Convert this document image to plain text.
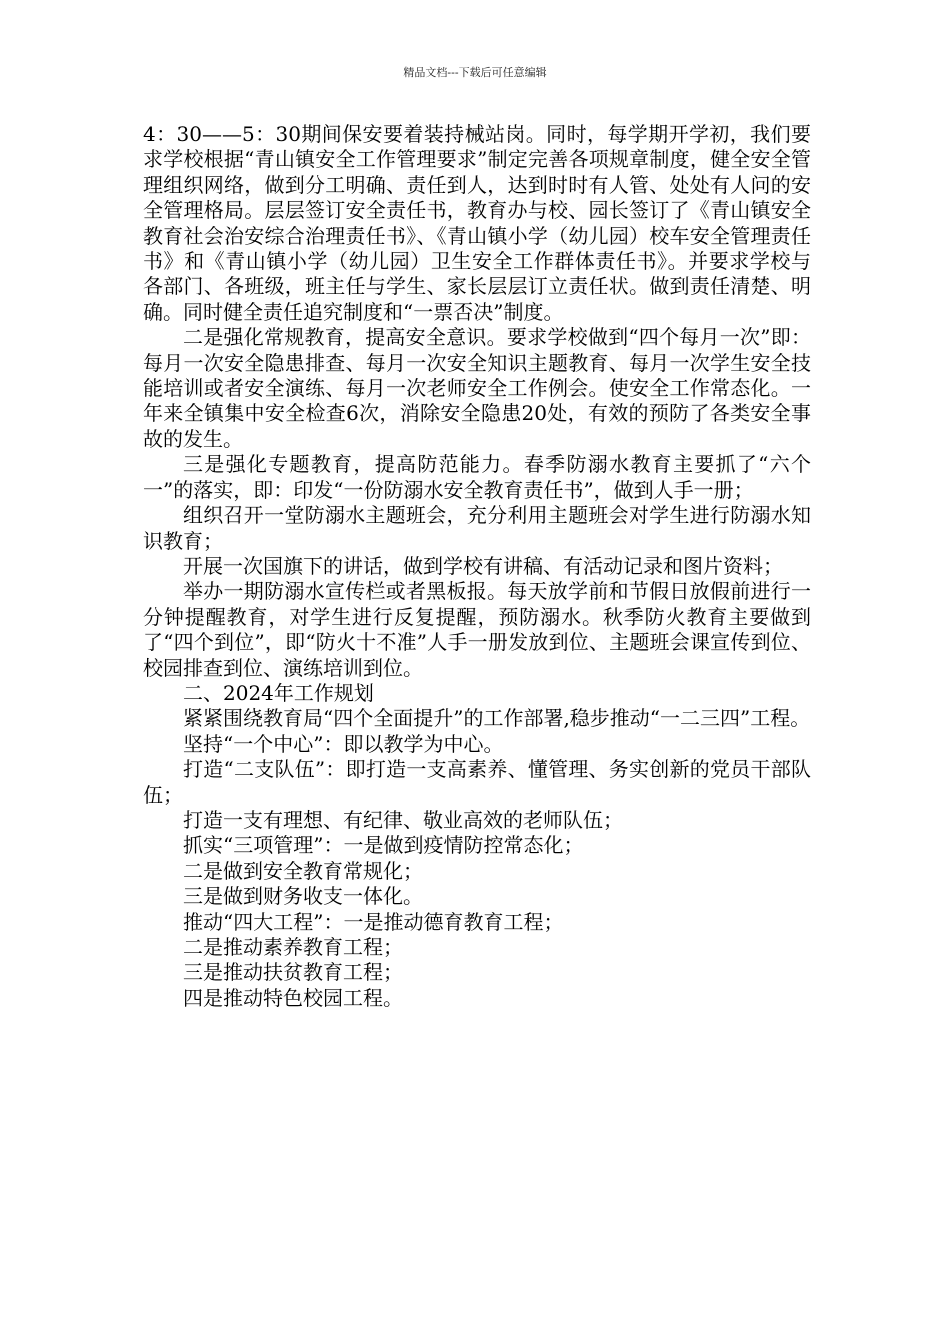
精品文档---下载后可任意编辑

4：30——5：30期间保安要着装持械站岗。同时，每学期开学初，我们要求学校根据“青山镇安全工作管理要求”制定完善各项规章制度，健全安全管理组织网络，做到分工明确、责任到人，达到时时有人管、处处有人问的安全管理格局。层层签订安全责任书，教育办与校、园长签订了《青山镇安全教育社会治安综合治理责任书》、《青山镇小学（幼儿园）校车安全管理责任书》和《青山镇小学（幼儿园）卫生安全工作群体责任书》。并要求学校与各部门、各班级，班主任与学生、家长层层订立责任状。做到责任清楚、明确。同时健全责任追究制度和“一票否决”制度。

二是强化常规教育，提高安全意识。要求学校做到“四个每月一次”即：每月一次安全隐患排查、每月一次安全知识主题教育、每月一次学生安全技能培训或者安全演练、每月一次老师安全工作例会。使安全工作常态化。一年来全镇集中安全检查6次，消除安全隐患20处，有效的预防了各类安全事故的发生。

三是强化专题教育，提高防范能力。春季防溺水教育主要抓了“六个一”的落实，即：印发“一份防溺水安全教育责任书”，做到人手一册；

组织召开一堂防溺水主题班会，充分利用主题班会对学生进行防溺水知识教育；

开展一次国旗下的讲话，做到学校有讲稿、有活动记录和图片资料；

举办一期防溺水宣传栏或者黑板报。每天放学前和节假日放假前进行一分钟提醒教育，对学生进行反复提醒，预防溺水。秋季防火教育主要做到了“四个到位”，即“防火十不准”人手一册发放到位、主题班会课宣传到位、校园排查到位、演练培训到位。

二、2024年工作规划

紧紧围绕教育局“四个全面提升”的工作部署,稳步推动“一二三四”工程。

坚持“一个中心”：即以教学为中心。

打造“二支队伍”：即打造一支高素养、懂管理、务实创新的党员干部队伍；

打造一支有理想、有纪律、敬业高效的老师队伍；

抓实“三项管理”：一是做到疫情防控常态化；

二是做到安全教育常规化；

三是做到财务收支一体化。

推动“四大工程”：一是推动德育教育工程；

二是推动素养教育工程；

三是推动扶贫教育工程；

四是推动特色校园工程。
